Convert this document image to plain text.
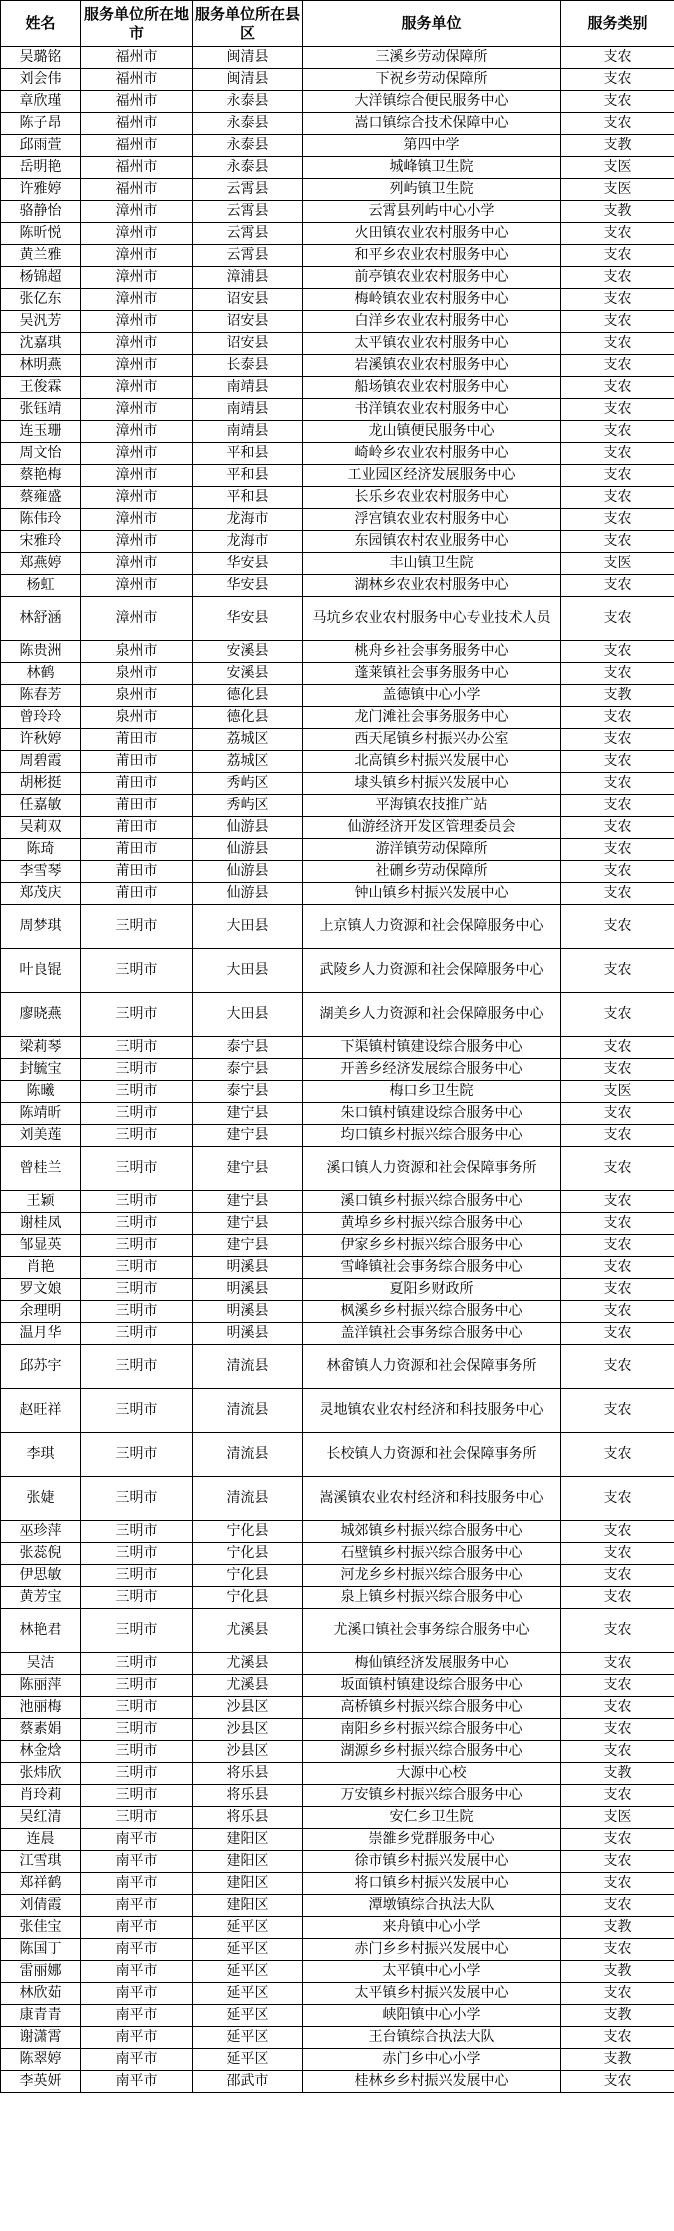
姓名	服务单位所在地市	服务单位所在县区	服务单位	服务类别
吴璐铭	福州市	闽清县	三溪乡劳动保障所	支农
刘会伟	福州市	闽清县	下祝乡劳动保障所	支农
章欣瑾	福州市	永泰县	大洋镇综合便民服务中心	支农
陈子昂	福州市	永泰县	嵩口镇综合技术保障中心	支农
邱雨萱	福州市	永泰县	第四中学	支教
岳明艳	福州市	永泰县	城峰镇卫生院	支医
许雅婷	福州市	云霄县	列屿镇卫生院	支医
骆静怡	漳州市	云霄县	云霄县列屿中心小学	支教
陈昕悦	漳州市	云霄县	火田镇农业农村服务中心	支农
黄兰雅	漳州市	云霄县	和平乡农业农村服务中心	支农
杨锦超	漳州市	漳浦县	前亭镇农业农村服务中心	支农
张亿东	漳州市	诏安县	梅岭镇农业农村服务中心	支农
吴汎芳	漳州市	诏安县	白洋乡农业农村服务中心	支农
沈嘉琪	漳州市	诏安县	太平镇农业农村服务中心	支农
林明燕	漳州市	长泰县	岩溪镇农业农村服务中心	支农
王俊霖	漳州市	南靖县	船场镇农业农村服务中心	支农
张钰靖	漳州市	南靖县	书洋镇农业农村服务中心	支农
连玉珊	漳州市	南靖县	龙山镇便民服务中心	支农
周文怡	漳州市	平和县	崎岭乡农业农村服务中心	支农
蔡艳梅	漳州市	平和县	工业园区经济发展服务中心	支农
蔡雍盛	漳州市	平和县	长乐乡农业农村服务中心	支农
陈伟玲	漳州市	龙海市	浮宫镇农业农村服务中心	支农
宋雅玲	漳州市	龙海市	东园镇农村农业服务中心	支农
郑燕婷	漳州市	华安县	丰山镇卫生院	支医
杨虹	漳州市	华安县	湖林乡农业农村服务中心	支农
林舒涵	漳州市	华安县	马坑乡农业农村服务中心专业技术人员	支农
陈贵洲	泉州市	安溪县	桃舟乡社会事务服务中心	支农
林鹤	泉州市	安溪县	蓬莱镇社会事务服务中心	支农
陈春芳	泉州市	德化县	盖德镇中心小学	支教
曾玲玲	泉州市	德化县	龙门滩社会事务服务中心	支农
许秋婷	莆田市	荔城区	西天尾镇乡村振兴办公室	支农
周碧霞	莆田市	荔城区	北高镇乡村振兴发展中心	支农
胡彬挺	莆田市	秀屿区	埭头镇乡村振兴发展中心	支农
任嘉敏	莆田市	秀屿区	平海镇农技推广站	支农
吴莉双	莆田市	仙游县	仙游经济开发区管理委员会	支农
陈琦	莆田市	仙游县	游洋镇劳动保障所	支农
李雪琴	莆田市	仙游县	社硎乡劳动保障所	支农
郑茂庆	莆田市	仙游县	钟山镇乡村振兴发展中心	支农
周梦琪	三明市	大田县	上京镇人力资源和社会保障服务中心	支农
叶良锟	三明市	大田县	武陵乡人力资源和社会保障服务中心	支农
廖晓燕	三明市	大田县	湖美乡人力资源和社会保障服务中心	支农
梁莉琴	三明市	泰宁县	下渠镇村镇建设综合服务中心	支农
封毓宝	三明市	泰宁县	开善乡经济发展综合服务中心	支农
陈曦	三明市	泰宁县	梅口乡卫生院	支医
陈靖昕	三明市	建宁县	朱口镇村镇建设综合服务中心	支农
刘美莲	三明市	建宁县	均口镇乡村振兴综合服务中心	支农
曾桂兰	三明市	建宁县	溪口镇人力资源和社会保障事务所	支农
王颖	三明市	建宁县	溪口镇乡村振兴综合服务中心	支农
谢桂凤	三明市	建宁县	黄埠乡乡村振兴综合服务中心	支农
邹显英	三明市	建宁县	伊家乡乡村振兴综合服务中心	支农
肖艳	三明市	明溪县	雪峰镇社会事务综合服务中心	支农
罗文娘	三明市	明溪县	夏阳乡财政所	支农
余理明	三明市	明溪县	枫溪乡乡村振兴综合服务中心	支农
温月华	三明市	明溪县	盖洋镇社会事务综合服务中心	支农
邱苏宇	三明市	清流县	林畲镇人力资源和社会保障事务所	支农
赵旺祥	三明市	清流县	灵地镇农业农村经济和科技服务中心	支农
李琪	三明市	清流县	长校镇人力资源和社会保障事务所	支农
张婕	三明市	清流县	嵩溪镇农业农村经济和科技服务中心	支农
巫珍萍	三明市	宁化县	城郊镇乡村振兴综合服务中心	支农
张蕊倪	三明市	宁化县	石壁镇乡村振兴综合服务中心	支农
伊思敏	三明市	宁化县	河龙乡乡村振兴综合服务中心	支农
黄芳宝	三明市	宁化县	泉上镇乡村振兴综合服务中心	支农
林艳君	三明市	尤溪县	尤溪口镇社会事务综合服务中心	支农
吴洁	三明市	尤溪县	梅仙镇经济发展服务中心	支农
陈丽萍	三明市	尤溪县	坂面镇村镇建设综合服务中心	支农
池丽梅	三明市	沙县区	高桥镇乡村振兴综合服务中心	支农
蔡素娟	三明市	沙县区	南阳乡乡村振兴综合服务中心	支农
林金焓	三明市	沙县区	湖源乡乡村振兴综合服务中心	支农
张炜欣	三明市	将乐县	大源中心校	支教
肖玲莉	三明市	将乐县	万安镇乡村振兴综合服务中心	支农
吴红清	三明市	将乐县	安仁乡卫生院	支医
连晨	南平市	建阳区	崇雒乡党群服务中心	支农
江雪琪	南平市	建阳区	徐市镇乡村振兴发展中心	支农
郑祥鹤	南平市	建阳区	将口镇乡村振兴发展中心	支农
刘倩霞	南平市	建阳区	潭墩镇综合执法大队	支农
张佳宝	南平市	延平区	来舟镇中心小学	支教
陈国丁	南平市	延平区	赤门乡乡村振兴发展中心	支农
雷丽娜	南平市	延平区	太平镇中心小学	支教
林欣茹	南平市	延平区	太平镇乡村振兴发展中心	支农
康青青	南平市	延平区	峡阳镇中心小学	支教
谢潇霄	南平市	延平区	王台镇综合执法大队	支农
陈翠婷	南平市	延平区	赤门乡中心小学	支教
李英妍	南平市	邵武市	桂林乡乡村振兴发展中心	支农
